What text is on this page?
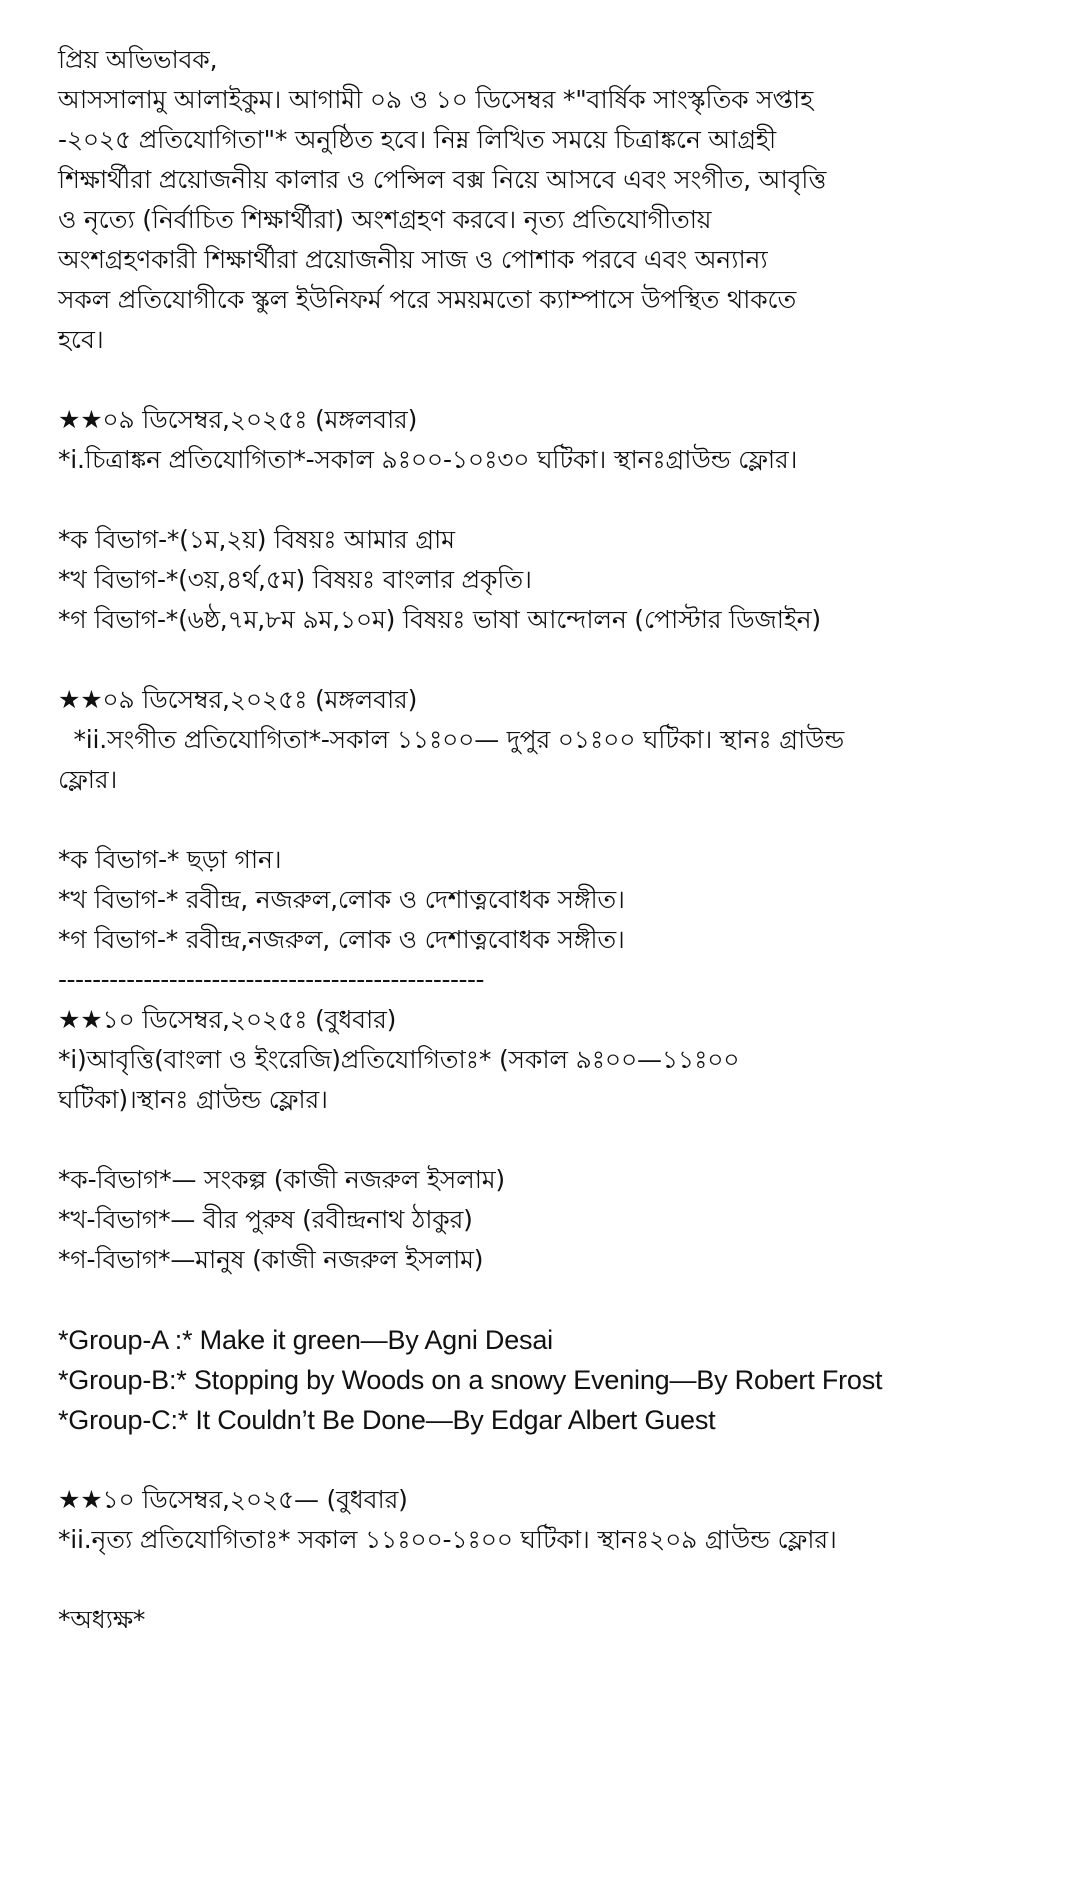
প্রিয় অভিভাবক,
আসসালামু আলাইকুম। আগামী ০৯ ও ১০ ডিসেম্বর *"বার্ষিক সাংস্কৃতিক সপ্তাহ
-২০২৫ প্রতিযোগিতা"* অনুষ্ঠিত হবে। নিম্ন লিখিত সময়ে চিত্রাঙ্কনে আগ্রহী
শিক্ষার্থীরা প্রয়োজনীয় কালার ও পেন্সিল বক্স নিয়ে আসবে এবং সংগীত, আবৃত্তি
ও নৃত্যে (নির্বাচিত শিক্ষার্থীরা) অংশগ্রহণ করবে। নৃত্য প্রতিযোগীতায়
অংশগ্রহণকারী শিক্ষার্থীরা প্রয়োজনীয় সাজ ও পোশাক পরবে এবং অন্যান্য
সকল প্রতিযোগীকে স্কুল ইউনিফর্ম পরে সময়মতো ক্যাম্পাসে উপস্থিত থাকতে
হবে।
★★০৯ ডিসেম্বর,২০২৫ঃ (মঙ্গলবার)
*i.চিত্রাঙ্কন প্রতিযোগিতা*-সকাল ৯ঃ০০-১০ঃ৩০ ঘটিকা। স্থানঃগ্রাউন্ড ফ্লোর।
*ক বিভাগ-*(১ম,২য়) বিষয়ঃ আমার গ্রাম
*খ বিভাগ-*(৩য়,৪র্থ,৫ম) বিষয়ঃ বাংলার প্রকৃতি।
*গ বিভাগ-*(৬ষ্ঠ,৭ম,৮ম ৯ম,১০ম) বিষয়ঃ ভাষা আন্দোলন (পোস্টার ডিজাইন)
★★০৯ ডিসেম্বর,২০২৫ঃ (মঙ্গলবার)
*ii.সংগীত প্রতিযোগিতা*-সকাল ১১ঃ০০— দুপুর ০১ঃ০০ ঘটিকা। স্থানঃ গ্রাউন্ড
ফ্লোর।
*ক বিভাগ-* ছড়া গান।
*খ বিভাগ-* রবীন্দ্র, নজরুল,লোক ও দেশাত্নবোধক সঙ্গীত।
*গ বিভাগ-* রবীন্দ্র,নজরুল, লোক ও দেশাত্নবোধক সঙ্গীত।
--------------------------------------------------
★★১০ ডিসেম্বর,২০২৫ঃ (বুধবার)
*i)আবৃত্তি(বাংলা ও ইংরেজি)প্রতিযোগিতাঃ* (সকাল ৯ঃ০০—১১ঃ০০
ঘটিকা)।স্থানঃ গ্রাউন্ড ফ্লোর।
*ক-বিভাগ*— সংকল্প (কাজী নজরুল ইসলাম)
*খ-বিভাগ*— বীর পুরুষ (রবীন্দ্রনাথ ঠাকুর)
*গ-বিভাগ*—মানুষ (কাজী নজরুল ইসলাম)
*Group-A :* Make it green—By Agni Desai
*Group-B:* Stopping by Woods on a snowy Evening—By Robert Frost
*Group-C:* It Couldn’t Be Done—By Edgar Albert Guest
★★১০ ডিসেম্বর,২০২৫— (বুধবার)
*ii.নৃত্য প্রতিযোগিতাঃ* সকাল ১১ঃ০০-১ঃ০০ ঘটিকা। স্থানঃ২০৯ গ্রাউন্ড ফ্লোর।
*অধ্যক্ষ*
